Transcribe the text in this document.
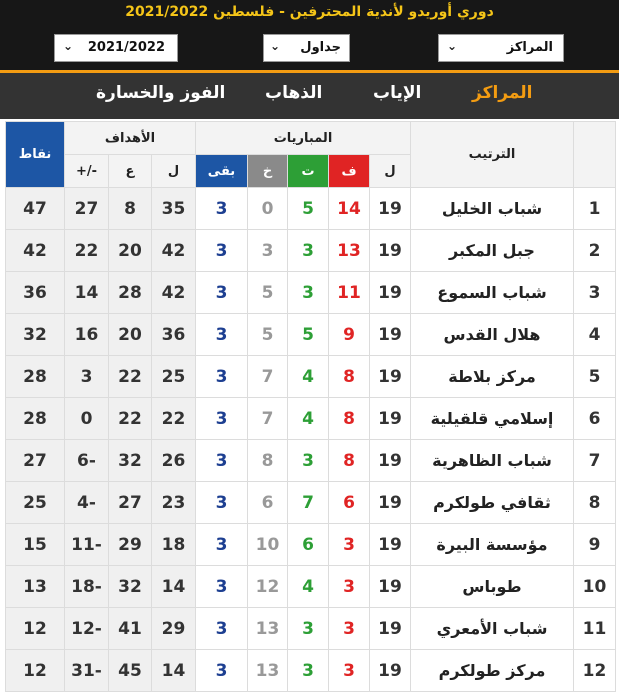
دوري أوريدو لأندية المحترفين - فلسطين 2021/2022
⌄ 2021/2022	⌄ جداول	⌄	المراكز
المراكز
الإياب
الذهاب
الفوز والخسارة
نقاط	الأهداف			المباريات					الترتيب	
	+/-	ع	ل	بقى	خ	ت	ف	ل		
47	27	8	35	3	0	5	14	19	شباب الخليل	1
42	22	20	42	3	3	3	13	19	جبل المكبر	2
36	14	28	42	3	5	3	11	19	شباب السموع	3
32	16	20	36	3	5	5	9	19	هلال القدس	4
28	3	22	25	3	7	4	8	19	مركز بلاطة	5
28	0	22	22	3	7	4	8	19	إسلامي قلقيلية	6
27	6-	32	26	3	8	3	8	19	شباب الظاهرية	7
25	4-	27	23	3	6	7	6	19	ثقافي طولكرم	8
15	11-	29	18	3	10	6	3	19	مؤسسة البيرة	9
13	18-	32	14	3	12	4	3	19	طوباس	10
12	12-	41	29	3	13	3	3	19	شباب الأمعري	11
12	31-	45	14	3	13	3	3	19	مركز طولكرم	12
